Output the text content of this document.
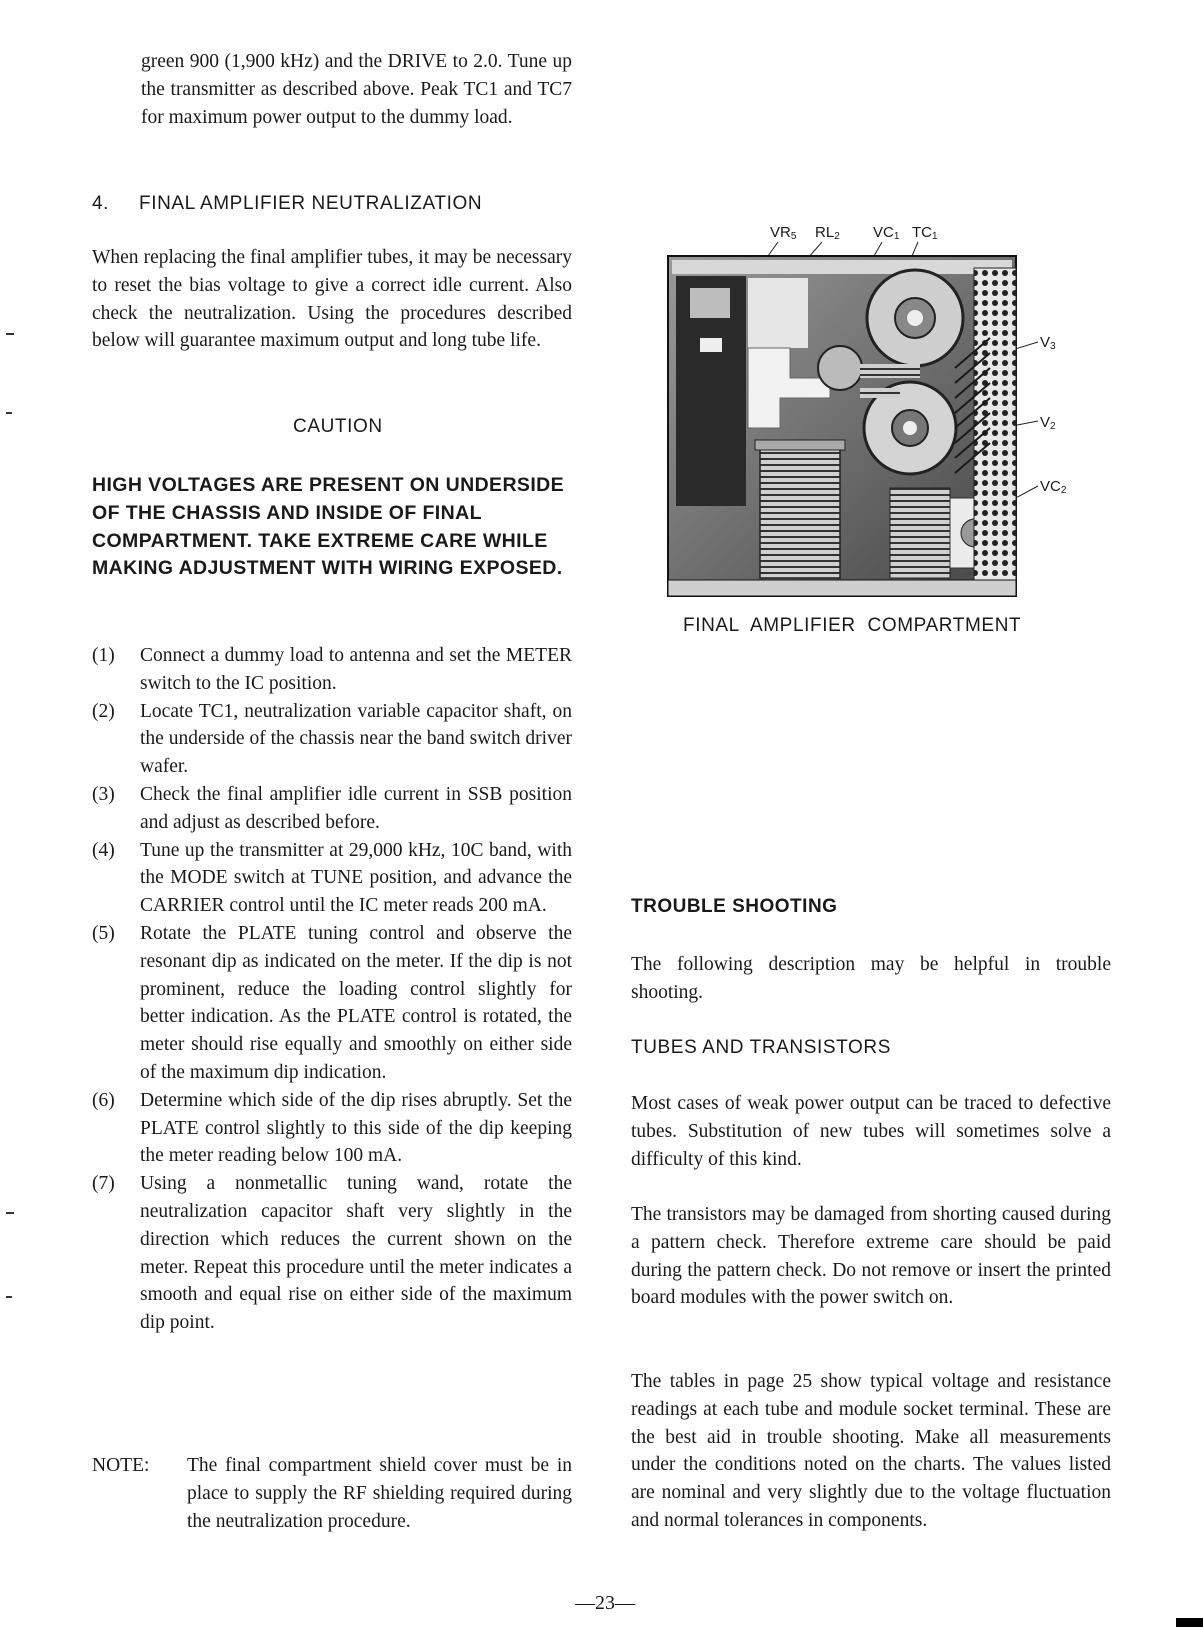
green 900 (1,900 kHz) and the DRIVE to 2.0. Tune up the transmitter as described above. Peak TC1 and TC7 for maximum power output to the dummy load.
4. FINAL AMPLIFIER NEUTRALIZATION
When replacing the final amplifier tubes, it may be necessary to reset the bias voltage to give a correct idle current. Also check the neutralization. Using the procedures described below will guarantee maximum output and long tube life.
CAUTION
HIGH VOLTAGES ARE PRESENT ON UNDERSIDE OF THE CHASSIS AND INSIDE OF FINAL COMPARTMENT. TAKE EXTREME CARE WHILE MAKING ADJUSTMENT WITH WIRING EXPOSED.
(1) Connect a dummy load to antenna and set the METER switch to the IC position.
(2) Locate TC1, neutralization variable capacitor shaft, on the underside of the chassis near the band switch driver wafer.
(3) Check the final amplifier idle current in SSB position and adjust as described before.
(4) Tune up the transmitter at 29,000 kHz, 10C band, with the MODE switch at TUNE position, and advance the CARRIER control until the IC meter reads 200 mA.
(5) Rotate the PLATE tuning control and observe the resonant dip as indicated on the meter. If the dip is not prominent, reduce the loading control slightly for better indication. As the PLATE control is rotated, the meter should rise equally and smoothly on either side of the maximum dip indication.
(6) Determine which side of the dip rises abruptly. Set the PLATE control slightly to this side of the dip keeping the meter reading below 100 mA.
(7) Using a nonmetallic tuning wand, rotate the neutralization capacitor shaft very slightly in the direction which reduces the current shown on the meter. Repeat this procedure until the meter indicates a smooth and equal rise on either side of the maximum dip point.
NOTE: The final compartment shield cover must be in place to supply the RF shielding required during the neutralization procedure.
$VR_5$ $RL_2$ $VC_1$ $TC_1$
$V_3$
$V_2$
$VC_2$
FINAL AMPLIFIER COMPARTMENT
TROUBLE SHOOTING
The following description may be helpful in trouble shooting.
TUBES AND TRANSISTORS
Most cases of weak power output can be traced to defective tubes. Substitution of new tubes will sometimes solve a difficulty of this kind.
The transistors may be damaged from shorting caused during a pattern check. Therefore extreme care should be paid during the pattern check. Do not remove or insert the printed board modules with the power switch on.
The tables in page 25 show typical voltage and resistance readings at each tube and module socket terminal. These are the best aid in trouble shooting. Make all measurements under the conditions noted on the charts. The values listed are nominal and very slightly due to the voltage fluctuation and normal tolerances in components.
—23—
